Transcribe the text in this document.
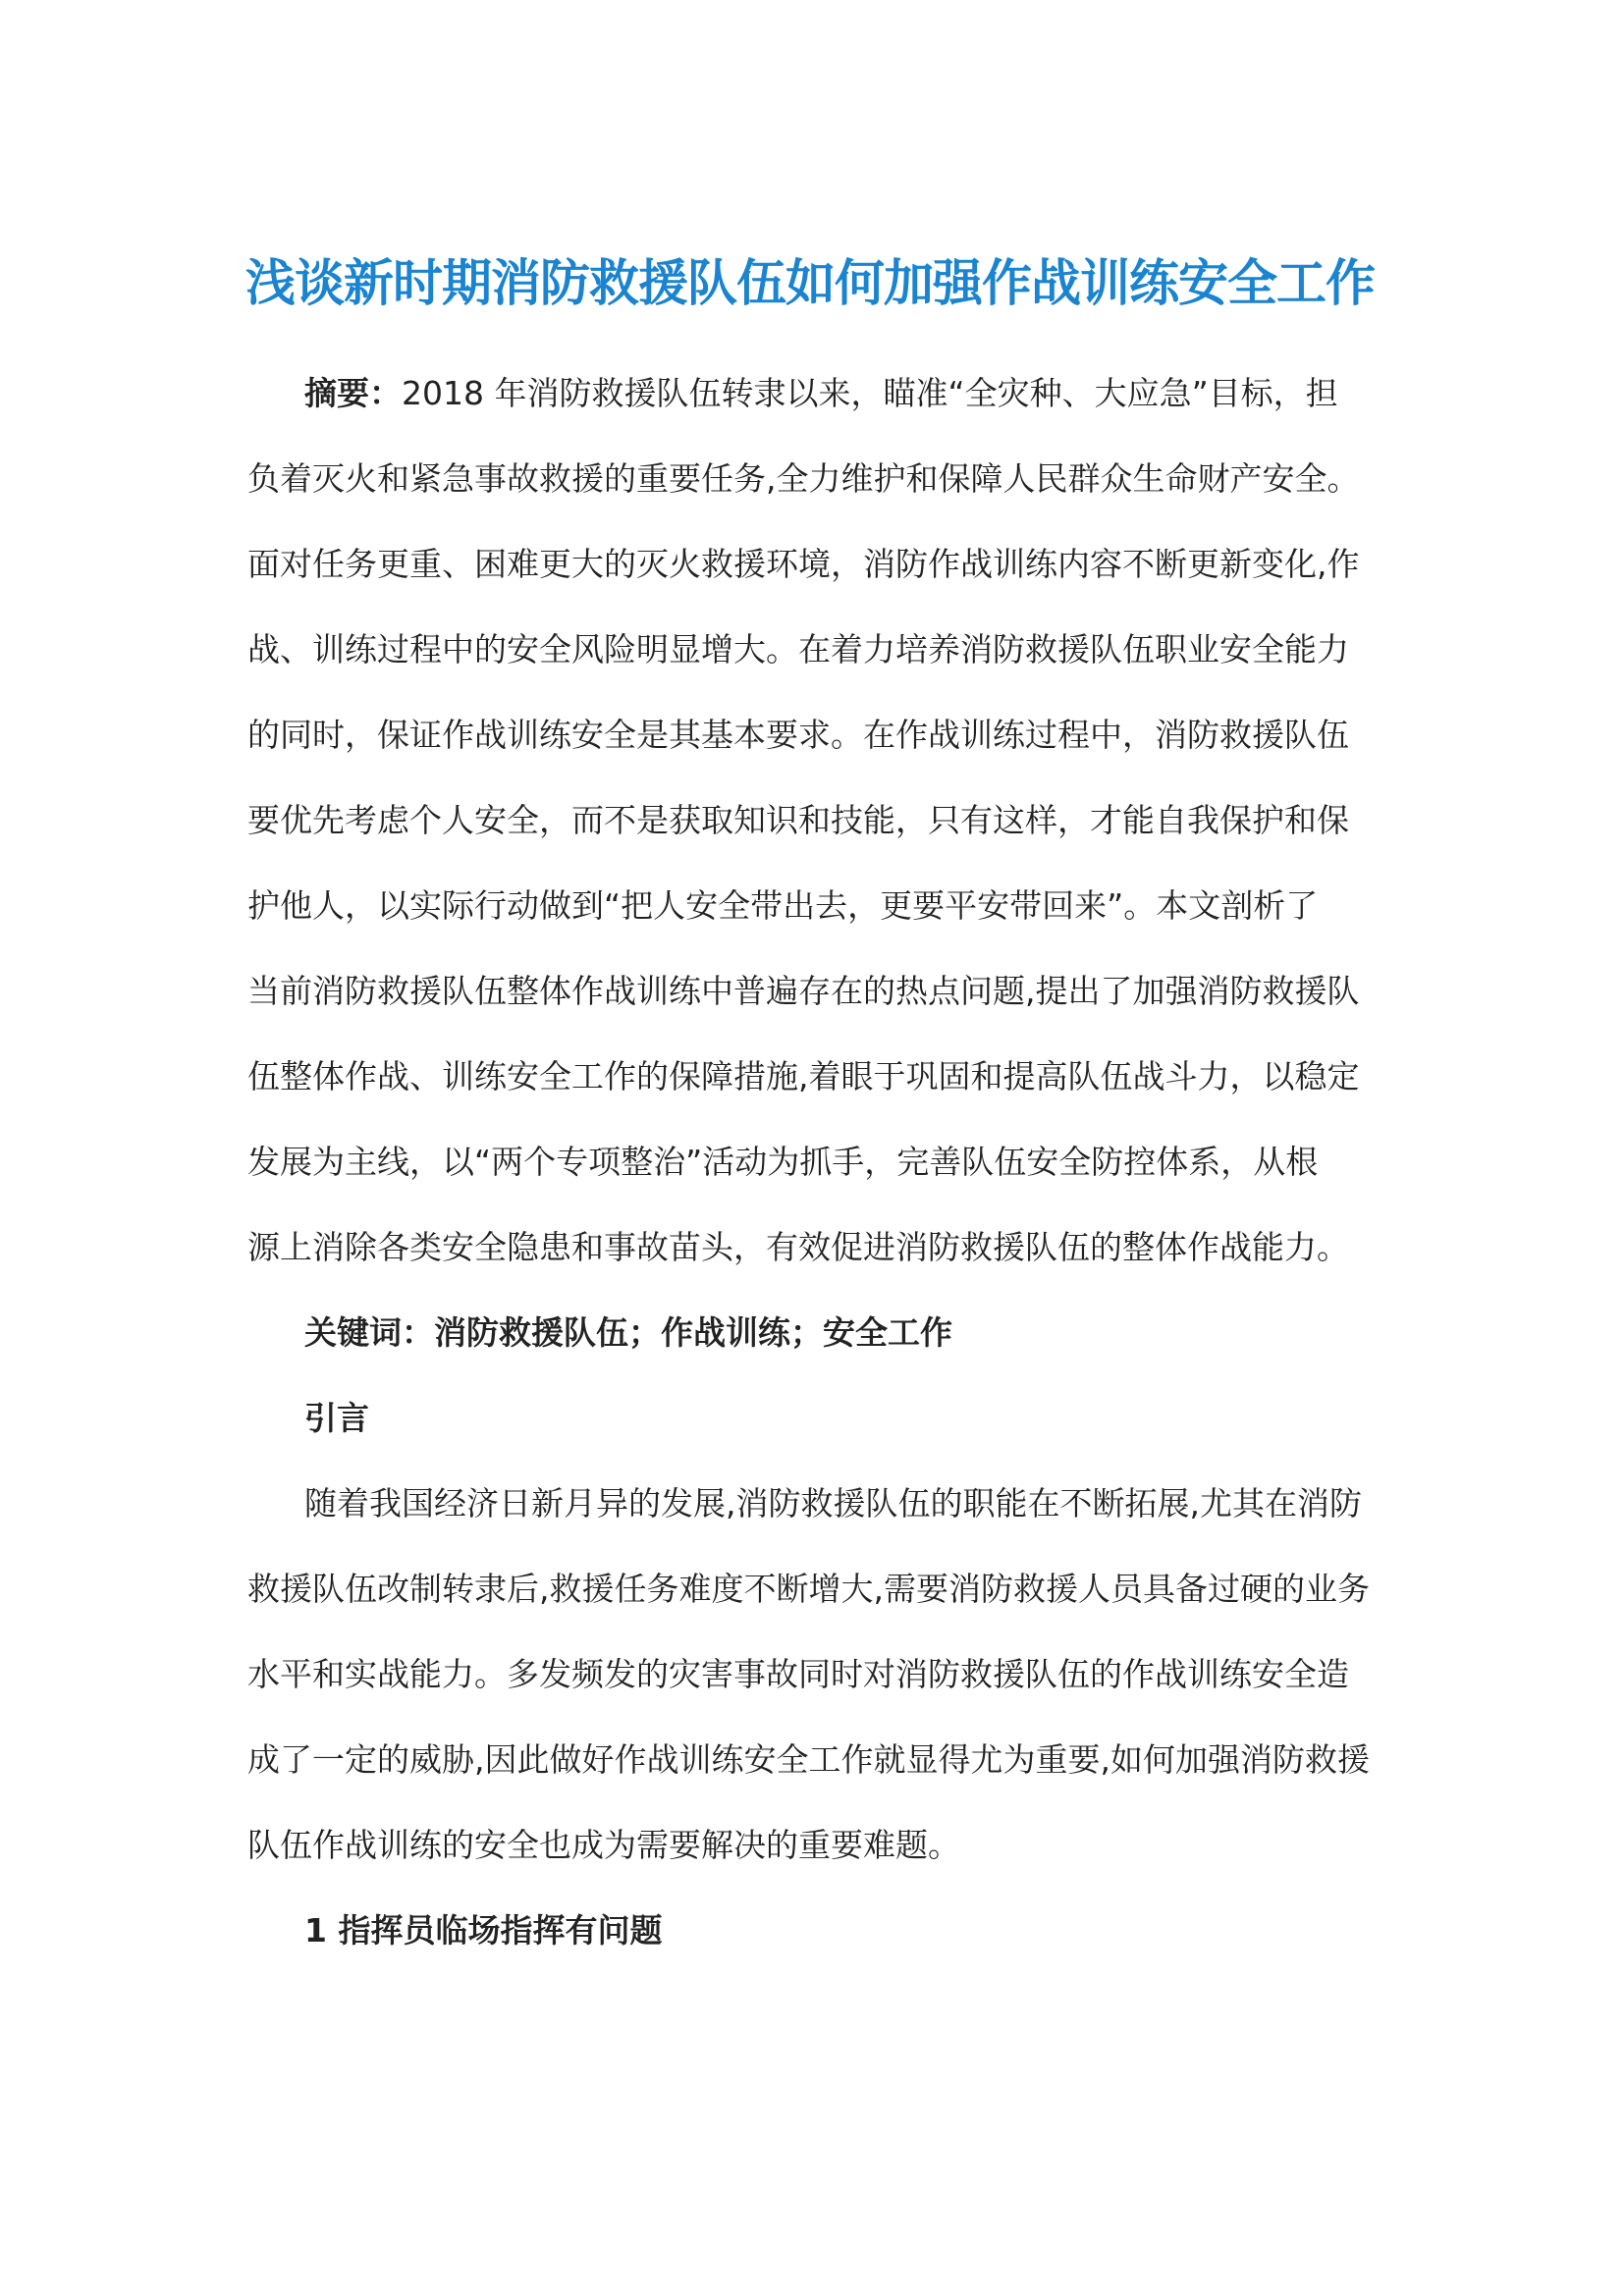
浅谈新时期消防救援队伍如何加强作战训练安全工作
摘要：2018 年消防救援队伍转隶以来，瞄准“全灾种、大应急”目标，担
负着灭火和紧急事故救援的重要任务,全力维护和保障人民群众生命财产安全。
面对任务更重、困难更大的灭火救援环境，消防作战训练内容不断更新变化,作
战、训练过程中的安全风险明显增大。在着力培养消防救援队伍职业安全能力
的同时，保证作战训练安全是其基本要求。在作战训练过程中，消防救援队伍
要优先考虑个人安全，而不是获取知识和技能，只有这样，才能自我保护和保
护他人，以实际行动做到“把人安全带出去，更要平安带回来”。本文剖析了
当前消防救援队伍整体作战训练中普遍存在的热点问题,提出了加强消防救援队
伍整体作战、训练安全工作的保障措施,着眼于巩固和提高队伍战斗力，以稳定
发展为主线，以“两个专项整治”活动为抓手，完善队伍安全防控体系，从根
源上消除各类安全隐患和事故苗头，有效促进消防救援队伍的整体作战能力。
关键词：消防救援队伍；作战训练；安全工作
引言
随着我国经济日新月异的发展,消防救援队伍的职能在不断拓展,尤其在消防
救援队伍改制转隶后,救援任务难度不断增大,需要消防救援人员具备过硬的业务
水平和实战能力。多发频发的灾害事故同时对消防救援队伍的作战训练安全造
成了一定的威胁,因此做好作战训练安全工作就显得尤为重要,如何加强消防救援
队伍作战训练的安全也成为需要解决的重要难题。
1 指挥员临场指挥有问题
